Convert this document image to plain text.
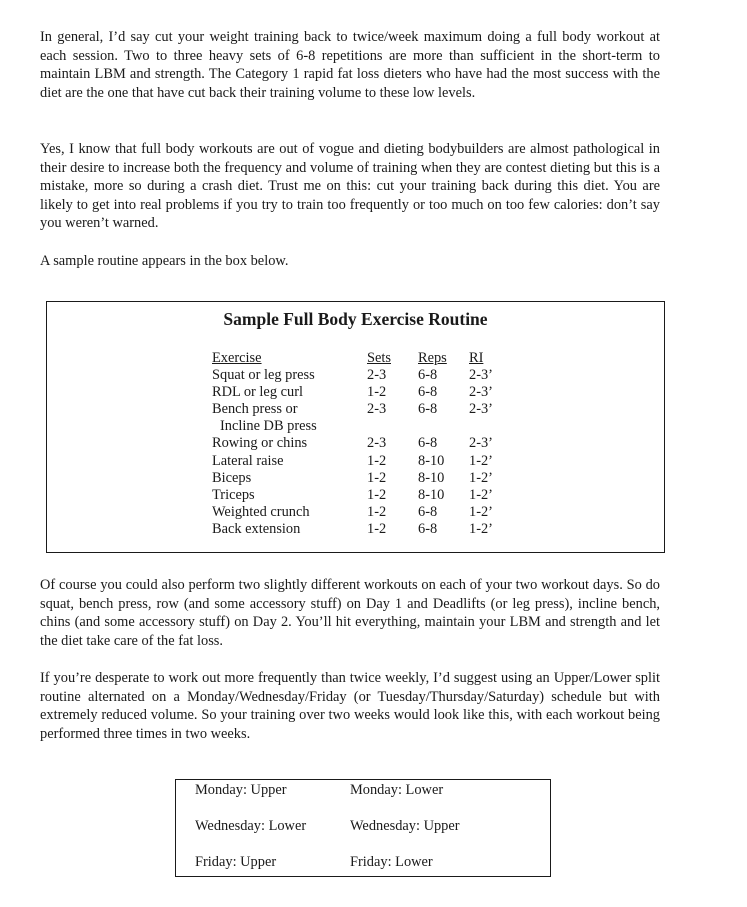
In general, I’d say cut your weight training back to twice/week maximum doing a full body workout at each session. Two to three heavy sets of 6-8 repetitions are more than sufficient in the short-term to maintain LBM and strength. The Category 1 rapid fat loss dieters who have had the most success with the diet are the one that have cut back their training volume to these low levels.

Yes, I know that full body workouts are out of vogue and dieting bodybuilders are almost pathological in their desire to increase both the frequency and volume of training when they are contest dieting but this is a mistake, more so during a crash diet. Trust me on this: cut your training back during this diet. You are likely to get into real problems if you try to train too frequently or too much on too few calories: don’t say you weren’t warned.

A sample routine appears in the box below.

Sample Full Body Exercise Routine
Exercise	Sets	Reps	RI
Squat or leg press	2-3	6-8	2-3’
RDL or leg curl	1-2	6-8	2-3’
Bench press or	2-3	6-8	2-3’
Incline DB press			
Rowing or chins	2-3	6-8	2-3’
Lateral raise	1-2	8-10	1-2’
Biceps	1-2	8-10	1-2’
Triceps	1-2	8-10	1-2’
Weighted crunch	1-2	6-8	1-2’
Back extension	1-2	6-8	1-2’

Of course you could also perform two slightly different workouts on each of your two workout days. So do squat, bench press, row (and some accessory stuff) on Day 1 and Deadlifts (or leg press), incline bench, chins (and some accessory stuff) on Day 2. You’ll hit everything, maintain your LBM and strength and let the diet take care of the fat loss.

If you’re desperate to work out more frequently than twice weekly, I’d suggest using an Upper/Lower split routine alternated on a Monday/Wednesday/Friday (or Tuesday/Thursday/Saturday) schedule but with extremely reduced volume. So your training over two weeks would look like this, with each workout being performed three times in two weeks.

Monday: Upper	Monday: Lower
Wednesday: Lower	Wednesday: Upper
Friday: Upper	Friday: Lower
